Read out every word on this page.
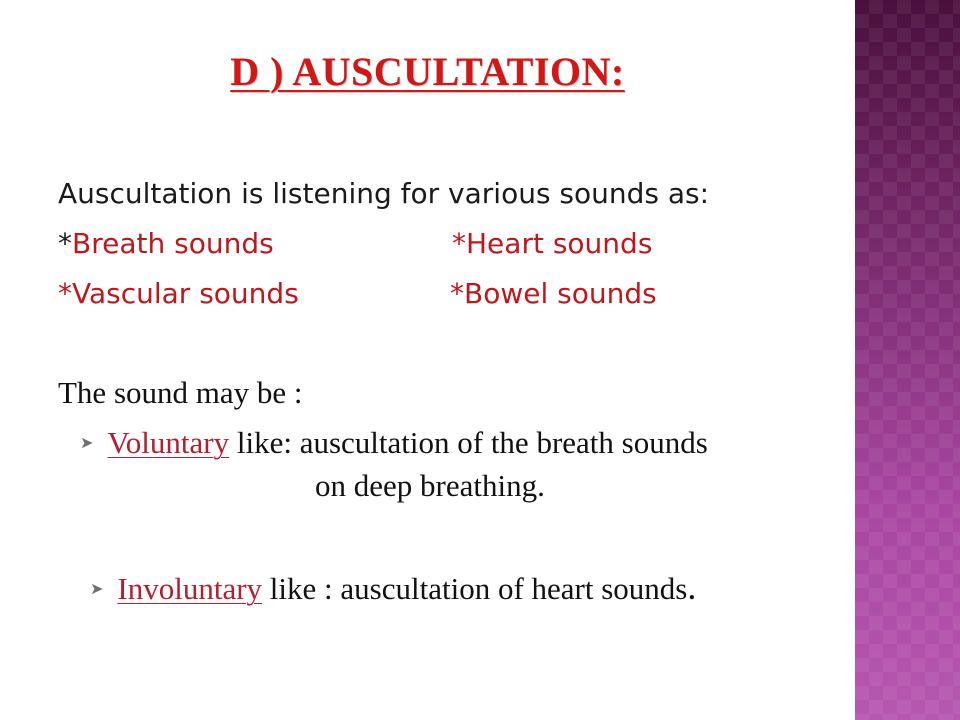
D ) AUSCULTATION:
Auscultation is listening for various sounds as:
*Breath sounds	*Heart sounds
*Vascular sounds	*Bowel sounds
The sound may be :
➤ Voluntary like: auscultation of the breath sounds
on deep breathing.
➤ Involuntary like : auscultation of heart sounds.
